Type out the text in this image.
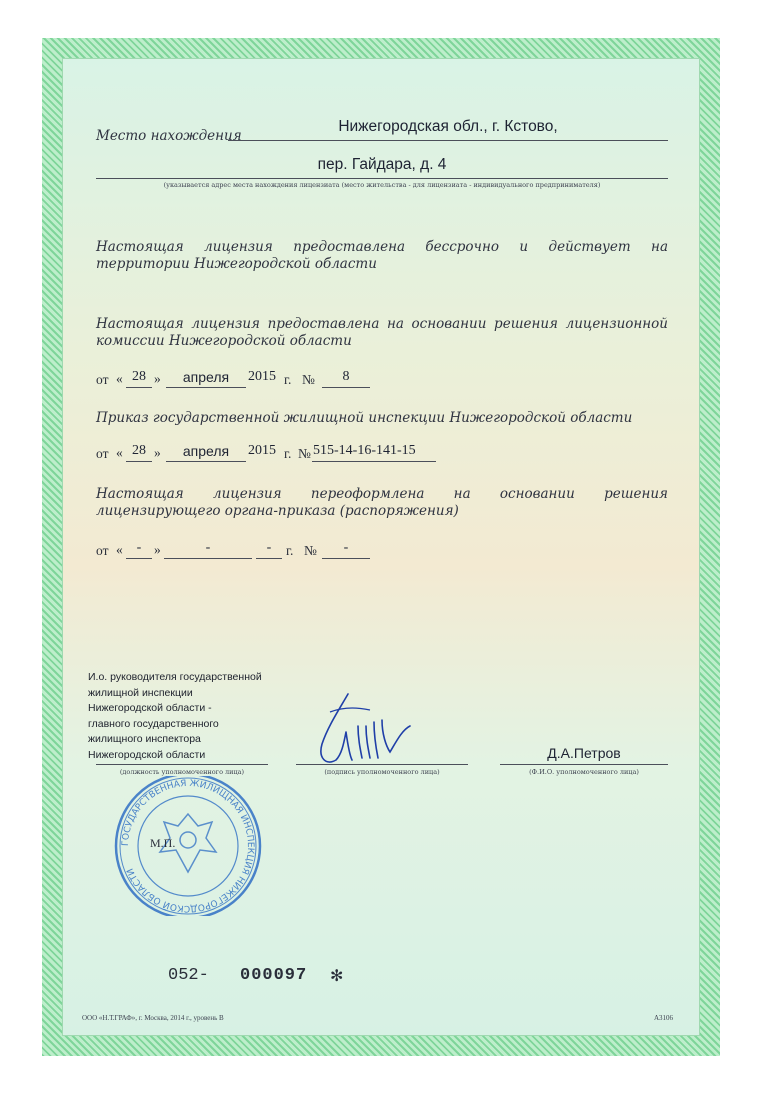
Место нахождения
Нижегородская обл., г. Кстово,
пер. Гайдара, д. 4
(указывается адрес места нахождения лицензиата (место жительства - для лицензиата - индивидуального предпринимателя)
Настоящая лицензия предоставлена бессрочно и действует на территории Нижегородской области
Настоящая лицензия предоставлена на основании решения лицензионной комиссии Нижегородской области
от « 28 »	апреля	2015 г. №	8
Приказ государственной жилищной инспекции Нижегородской области
от « 28 »	апреля	2015 г. № 515-14-16-141-15
Настоящая лицензия переоформлена на основании решения лицензирующего органа-приказа (распоряжения)
от « - »	-	-	г. №	-
И.о. руководителя государственной
жилищной инспекции
Нижегородской области -
главного государственного
жилищного инспектора
Нижегородской области
(должность уполномоченного лица)	(подпись уполномоченного лица)
Д.А.Петров
(Ф.И.О. уполномоченного лица)
ГОСУДАРСТВЕННАЯ ЖИЛИЩНАЯ ИНСПЕКЦИЯ НИЖЕГОРОДСКОЙ ОБЛАСТИ
М.П.
052- 000097 ✻
ООО «Н.Т.ГРАФ», г. Москва, 2014 г., уровень В	А3106
